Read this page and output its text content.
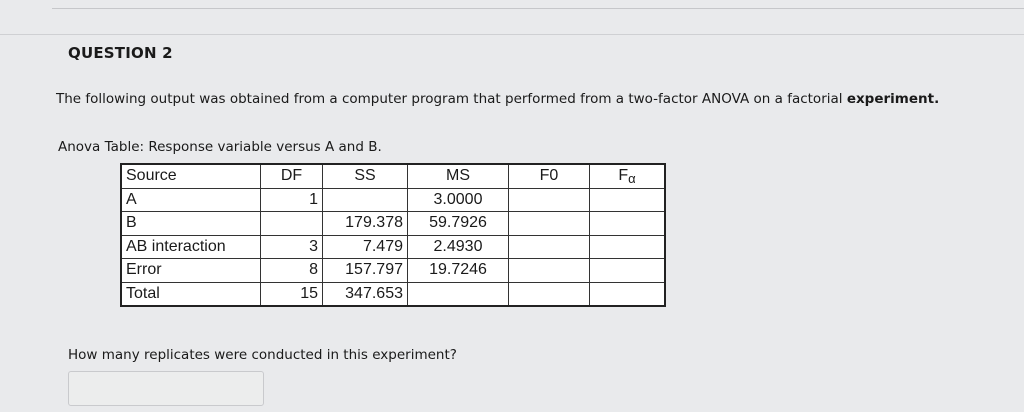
QUESTION 2
The following output was obtained from a computer program that performed from a two-factor ANOVA on a factorial experiment.
Anova Table: Response variable versus A and B.
Source	DF	SS	MS	F0	Fα
A	1		3.0000		
B		179.378	59.7926		
AB interaction	3	7.479	2.4930		
Error	8	157.797	19.7246		
Total	15	347.653			
How many replicates were conducted in this experiment?
